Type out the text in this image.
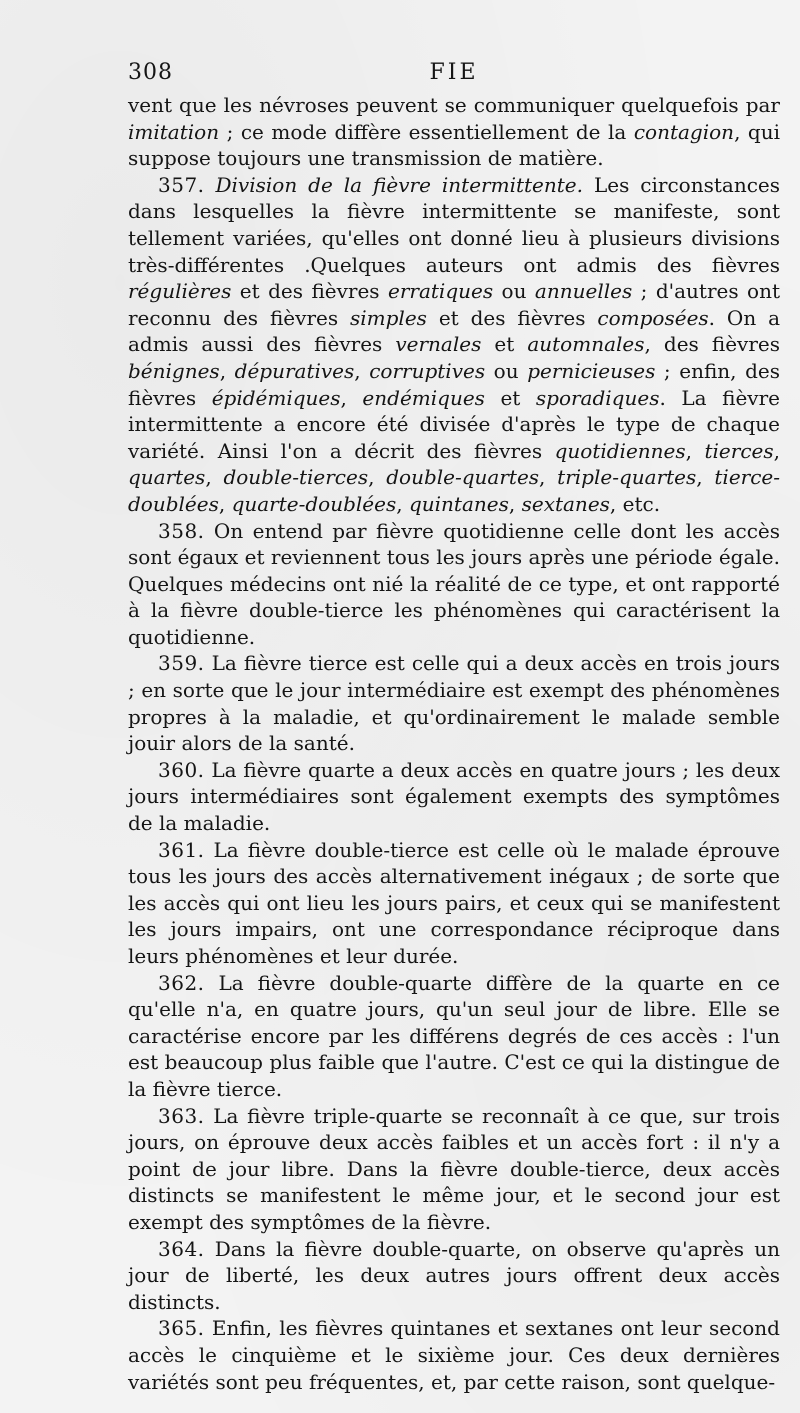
308	FIE

vent que les névroses peuvent se communiquer quelquefois par imitation ; ce mode diffère essentiellement de la contagion, qui suppose toujours une transmission de matière.

357. Division de la fièvre intermittente. Les circonstances dans lesquelles la fièvre intermittente se manifeste, sont tellement variées, qu'elles ont donné lieu à plusieurs divisions très-différentes .Quelques auteurs ont admis des fièvres régulières et des fièvres erratiques ou annuelles ; d'autres ont reconnu des fièvres simples et des fièvres composées. On a admis aussi des fièvres vernales et automnales, des fièvres bénignes, dépuratives, corruptives ou pernicieuses ; enfin, des fièvres épidémiques, endémiques et sporadiques. La fièvre intermittente a encore été divisée d'après le type de chaque variété. Ainsi l'on a décrit des fièvres quotidiennes, tierces, quartes, double-tierces, double-quartes, triple-quartes, tierce-doublées, quarte-doublées, quintanes, sextanes, etc.

358. On entend par fièvre quotidienne celle dont les accès sont égaux et reviennent tous les jours après une période égale. Quelques médecins ont nié la réalité de ce type, et ont rapporté à la fièvre double-tierce les phénomènes qui caractérisent la quotidienne.

359. La fièvre tierce est celle qui a deux accès en trois jours ; en sorte que le jour intermédiaire est exempt des phénomènes propres à la maladie, et qu'ordinairement le malade semble jouir alors de la santé.

360. La fièvre quarte a deux accès en quatre jours ; les deux jours intermédiaires sont également exempts des symptômes de la maladie.

361. La fièvre double-tierce est celle où le malade éprouve tous les jours des accès alternativement inégaux ; de sorte que les accès qui ont lieu les jours pairs, et ceux qui se manifestent les jours impairs, ont une correspondance réciproque dans leurs phénomènes et leur durée.

362. La fièvre double-quarte diffère de la quarte en ce qu'elle n'a, en quatre jours, qu'un seul jour de libre. Elle se caractérise encore par les différens degrés de ces accès : l'un est beaucoup plus faible que l'autre. C'est ce qui la distingue de la fièvre tierce.

363. La fièvre triple-quarte se reconnaît à ce que, sur trois jours, on éprouve deux accès faibles et un accès fort : il n'y a point de jour libre. Dans la fièvre double-tierce, deux accès distincts se manifestent le même jour, et le second jour est exempt des symptômes de la fièvre.

364. Dans la fièvre double-quarte, on observe qu'après un jour de liberté, les deux autres jours offrent deux accès distincts.

365. Enfin, les fièvres quintanes et sextanes ont leur second accès le cinquième et le sixième jour. Ces deux dernières variétés sont peu fréquentes, et, par cette raison, sont quelque-
